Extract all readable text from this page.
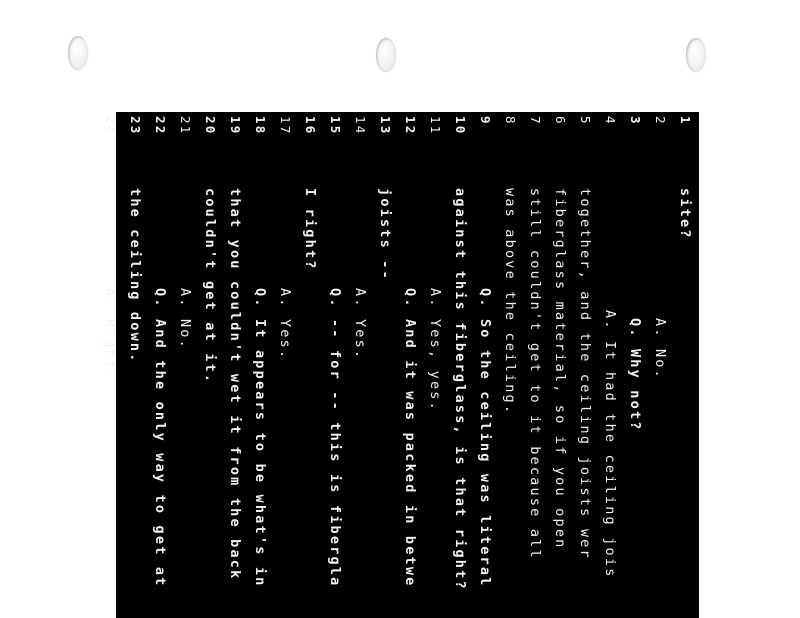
1
site?
2
A. No.
3
Q. Why not?
4
A. It had the ceiling jois
5
together, and the ceiling joists wer
6
fiberglass material, so if you open
7
still couldn't get to it because all
8
was above the ceiling.
9
Q. So the ceiling was literal
10
against this fiberglass, is that right?
11
A. Yes, yes.
12
Q. And it was packed in betwe
13
joists --
14
A. Yes.
15
Q. -- for -- this is fibergla
16
I right?
17
A. Yes.
18
Q. It appears to be what's in
19
that you couldn't wet it from the back
20
couldn't get at it.
21
A. No.
22
Q. And the only way to get at
23
the ceiling down.
24
A. Right.
